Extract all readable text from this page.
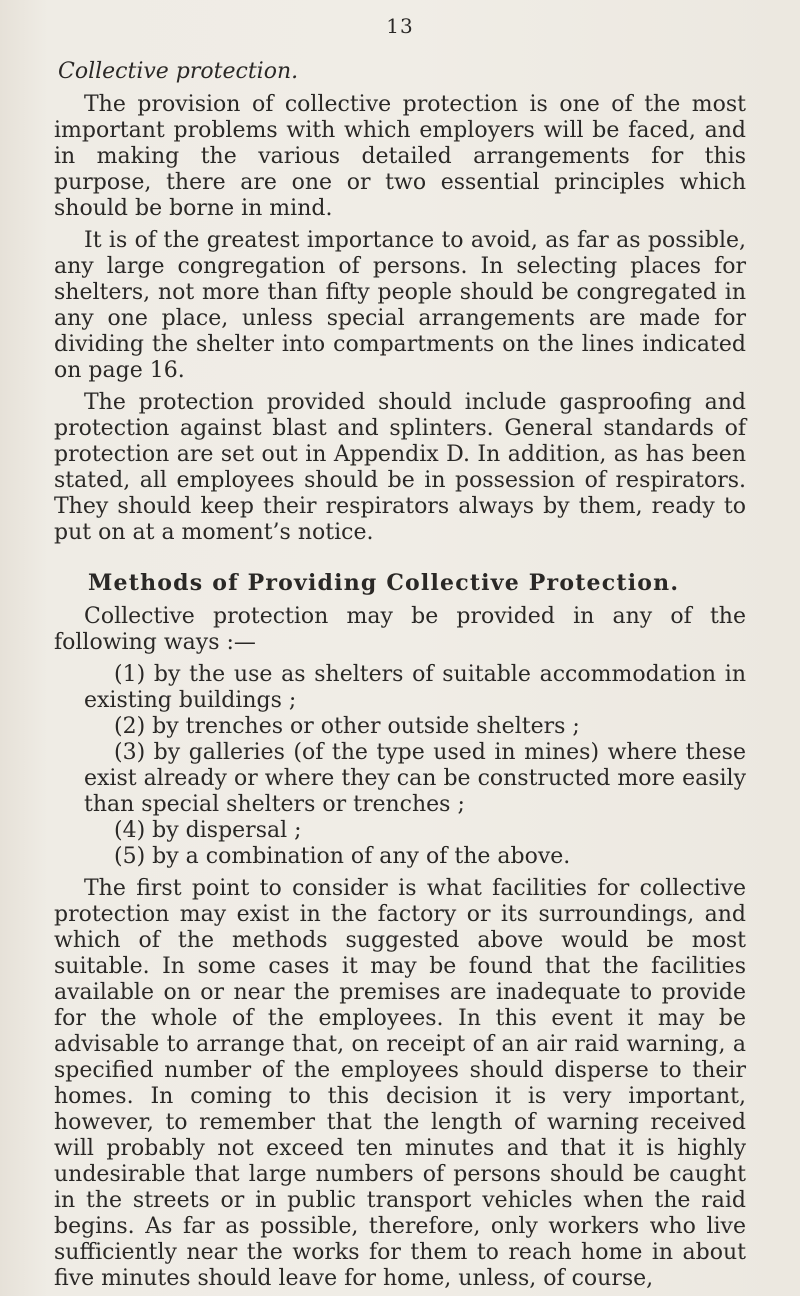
13
Collective protection.

The provision of collective protection is one of the most important problems with which employers will be faced, and in making the various detailed arrangements for this purpose, there are one or two essential principles which should be borne in mind.

It is of the greatest importance to avoid, as far as possible, any large congregation of persons. In selecting places for shelters, not more than fifty people should be congregated in any one place, unless special arrangements are made for dividing the shelter into compartments on the lines indicated on page 16.

The protection provided should include gasproofing and protection against blast and splinters. General standards of protection are set out in Appendix D. In addition, as has been stated, all employees should be in possession of respirators. They should keep their respirators always by them, ready to put on at a moment’s notice.

Methods of Providing Collective Protection.

Collective protection may be provided in any of the following ways :—

(1) by the use as shelters of suitable accommodation in existing buildings ;
(2) by trenches or other outside shelters ;
(3) by galleries (of the type used in mines) where these exist already or where they can be constructed more easily than special shelters or trenches ;
(4) by dispersal ;
(5) by a combination of any of the above.

The first point to consider is what facilities for collective protection may exist in the factory or its surroundings, and which of the methods suggested above would be most suitable. In some cases it may be found that the facilities available on or near the premises are inadequate to provide for the whole of the employees. In this event it may be advisable to arrange that, on receipt of an air raid warning, a specified number of the employees should disperse to their homes. In coming to this decision it is very important, however, to remember that the length of warning received will probably not exceed ten minutes and that it is highly undesirable that large numbers of persons should be caught in the streets or in public transport vehicles when the raid begins. As far as possible, therefore, only workers who live sufficiently near the works for them to reach home in about five minutes should leave for home, unless, of course,
